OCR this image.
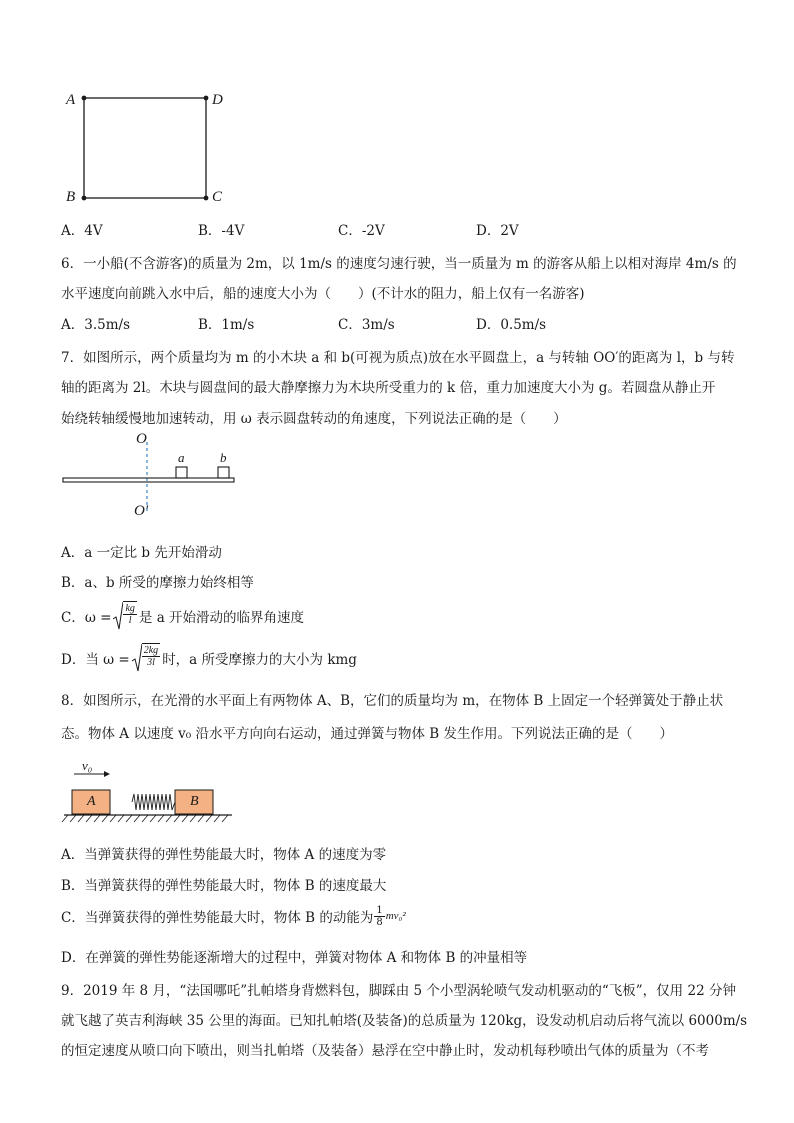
A	D
B	C
A．4V	B．-4V	C．-2V	D．2V
6．一小船(不含游客)的质量为 2m，以 1m/s 的速度匀速行驶，当一质量为 m 的游客从船上以相对海岸 4m/s 的
水平速度向前跳入水中后，船的速度大小为（　　）(不计水的阻力，船上仅有一名游客)
A．3.5m/s	B．1m/s	C．3m/s	D．0.5m/s
7．如图所示，两个质量均为 m 的小木块 a 和 b(可视为质点)放在水平圆盘上，a 与转轴 OO′的距离为 l，b 与转
轴的距离为 2l。木块与圆盘间的最大静摩擦力为木块所受重力的 k 倍，重力加速度大小为 g。若圆盘从静止开
始绕转轴缓慢地加速转动，用 ω 表示圆盘转动的角速度，下列说法正确的是（　　）
O
O′
a	b
A．a 一定比 b 先开始滑动
B．a、b 所受的摩擦力始终相等
C．$\omega = \frac{kg}{l}$ 是 a 开始滑动的临界角速度
D．当 $\omega = \frac{2kg}{3l}$ 时，a 所受摩擦力的大小为 kmg
8．如图所示，在光滑的水平面上有两物体 A、B，它们的质量均为 m，在物体 B 上固定一个轻弹簧处于静止状
态。物体 A 以速度 v₀ 沿水平方向向右运动，通过弹簧与物体 B 发生作用。下列说法正确的是（　　）
v₀
A	B
A．当弹簧获得的弹性势能最大时，物体 A 的速度为零
B．当弹簧获得的弹性势能最大时，物体 B 的速度最大
C．当弹簧获得的弹性势能最大时，物体 B 的动能为 $\frac{1}{8} mv_0^2$
D．在弹簧的弹性势能逐渐增大的过程中，弹簧对物体 A 和物体 B 的冲量相等
9．2019 年 8 月，“法国哪吒”扎帕塔身背燃料包，脚踩由 5 个小型涡轮喷气发动机驱动的“飞板”，仅用 22 分钟
就飞越了英吉利海峡 35 公里的海面。已知扎帕塔(及装备)的总质量为 120kg，设发动机启动后将气流以 6000m/s
的恒定速度从喷口向下喷出，则当扎帕塔（及装备）悬浮在空中静止时，发动机每秒喷出气体的质量为（不考
